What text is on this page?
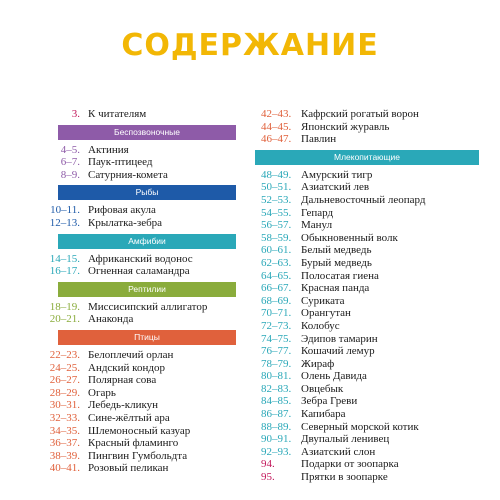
СОДЕРЖАНИЕ
3. К читателям
Беспозвоночные
4–5. Актиния
6–7. Паук-птицеед
8–9. Сатурния-комета
Рыбы
10–11. Рифовая акула
12–13. Крылатка-зебра
Амфибии
14–15. Африканский водонос
16–17. Огненная саламандра
Рептилии
18–19. Миссисипский аллигатор
20–21. Анаконда
Птицы
22–23. Белоплечий орлан
24–25. Андский кондор
26–27. Полярная сова
28–29. Огарь
30–31. Лебедь-кликун
32–33. Сине-жёлтый ара
34–35. Шлемоносный казуар
36–37. Красный фламинго
38–39. Пингвин Гумбольдта
40–41. Розовый пеликан
42–43. Кафрский рогатый ворон
44–45. Японский журавль
46–47. Павлин
Млекопитающие
48–49. Амурский тигр
50–51. Азиатский лев
52–53. Дальневосточный леопард
54–55. Гепард
56–57. Манул
58–59. Обыкновенный волк
60–61. Белый медведь
62–63. Бурый медведь
64–65. Полосатая гиена
66–67. Красная панда
68–69. Суриката
70–71. Орангутан
72–73. Колобус
74–75. Эдипов тамарин
76–77. Кошачий лемур
78–79. Жираф
80–81. Олень Давида
82–83. Овцебык
84–85. Зебра Греви
86–87. Капибара
88–89. Северный морской котик
90–91. Двупалый ленивец
92–93. Азиатский слон
94.	Подарки от зоопарка
95.	Прятки в зоопарке
